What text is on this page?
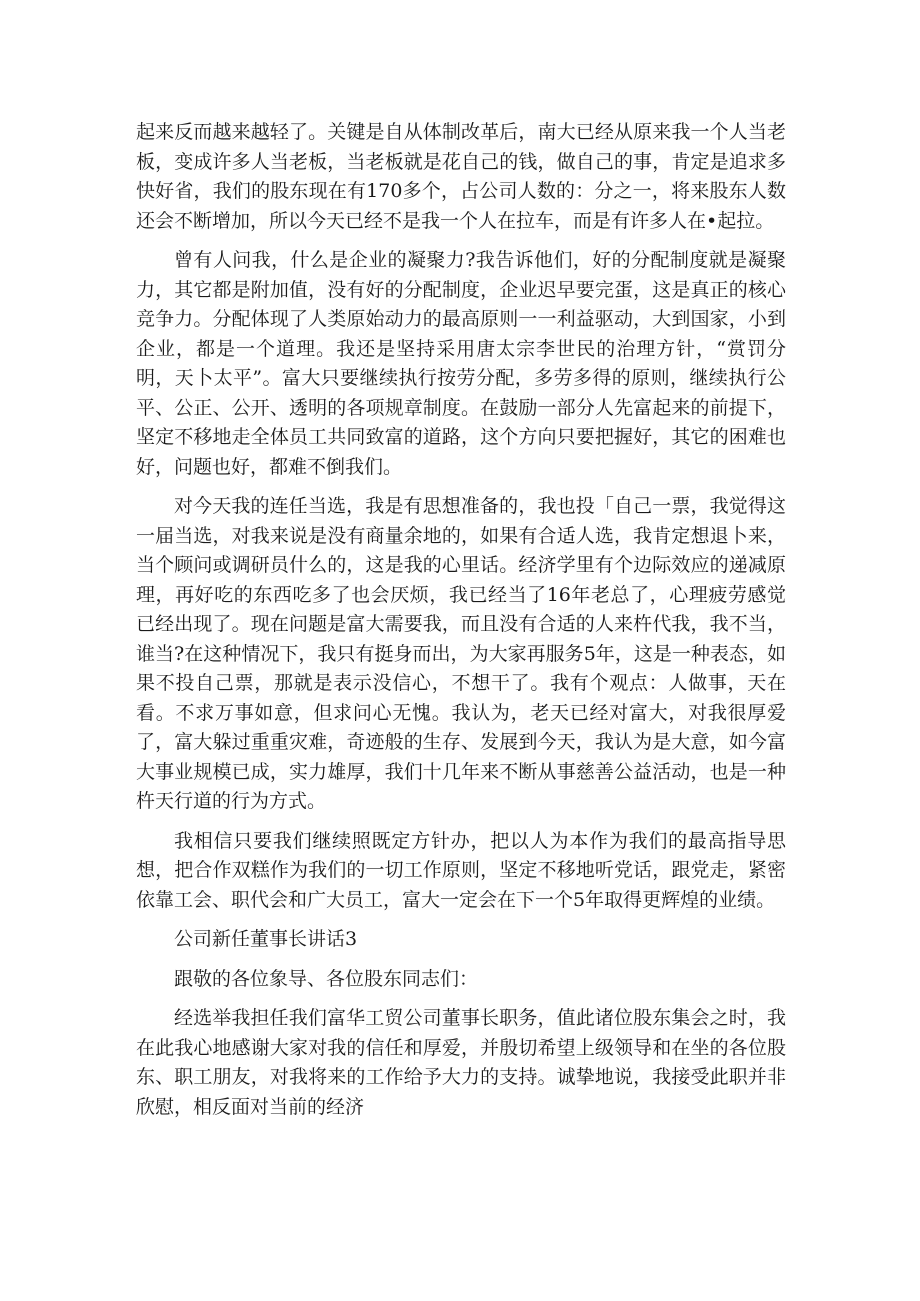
起来反而越来越轻了。关键是自从体制改革后，南大已经从原来我一个人当老板，变成许多人当老板，当老板就是花自己的钱，做自己的事，肯定是追求多快好省，我们的股东现在有170多个，占公司人数的：分之一，将来股东人数还会不断增加，所以今天已经不是我一个人在拉车，而是有许多人在•起拉。

曾有人问我，什么是企业的凝聚力?我告诉他们，好的分配制度就是凝聚力，其它都是附加值，没有好的分配制度，企业迟早要完蛋，这是真正的核心竞争力。分配体现了人类原始动力的最高原则一一利益驱动，大到国家，小到企业，都是一个道理。我还是坚持采用唐太宗李世民的治理方针，“赏罚分明，天卜太平”。富大只要继续执行按劳分配，多劳多得的原则，继续执行公平、公正、公开、透明的各项规章制度。在鼓励一部分人先富起来的前提下，坚定不移地走全体员工共同致富的道路，这个方向只要把握好，其它的困难也好，问题也好，都难不倒我们。

对今天我的连任当选，我是有思想准备的，我也投「自己一票，我觉得这一届当选，对我来说是没有商量余地的，如果有合适人选，我肯定想退卜来，当个顾问或调研员什么的，这是我的心里话。经济学里有个边际效应的递减原理，再好吃的东西吃多了也会厌烦，我已经当了16年老总了，心理疲劳感觉已经出现了。现在问题是富大需要我，而且没有合适的人来杵代我，我不当，谁当?在这种情况下，我只有挺身而出，为大家再服务5年，这是一种表态，如果不投自己票，那就是表示没信心，不想干了。我有个观点：人做事，天在看。不求万事如意，但求问心无愧。我认为，老天已经对富大，对我很厚爱了，富大躲过重重灾难，奇迹般的生存、发展到今天，我认为是大意，如今富大事业规模已成，实力雄厚，我们十几年来不断从事慈善公益活动，也是一种杵天行道的行为方式。

我相信只要我们继续照既定方针办，把以人为本作为我们的最高指导思想，把合作双糕作为我们的一切工作原则，坚定不移地听党话，跟党走，紧密依靠工会、职代会和广大员工，富大一定会在下一个5年取得更辉煌的业绩。

公司新任董事长讲话3

跟敬的各位象导、各位股东同志们：

经选举我担任我们富华工贸公司董事长职务，值此诸位股东集会之时，我在此我心地感谢大家对我的信任和厚爱，并殷切希望上级领导和在坐的各位股东、职工朋友，对我将来的工作给予大力的支持。诚挚地说，我接受此职并非欣慰，相反面对当前的经济
